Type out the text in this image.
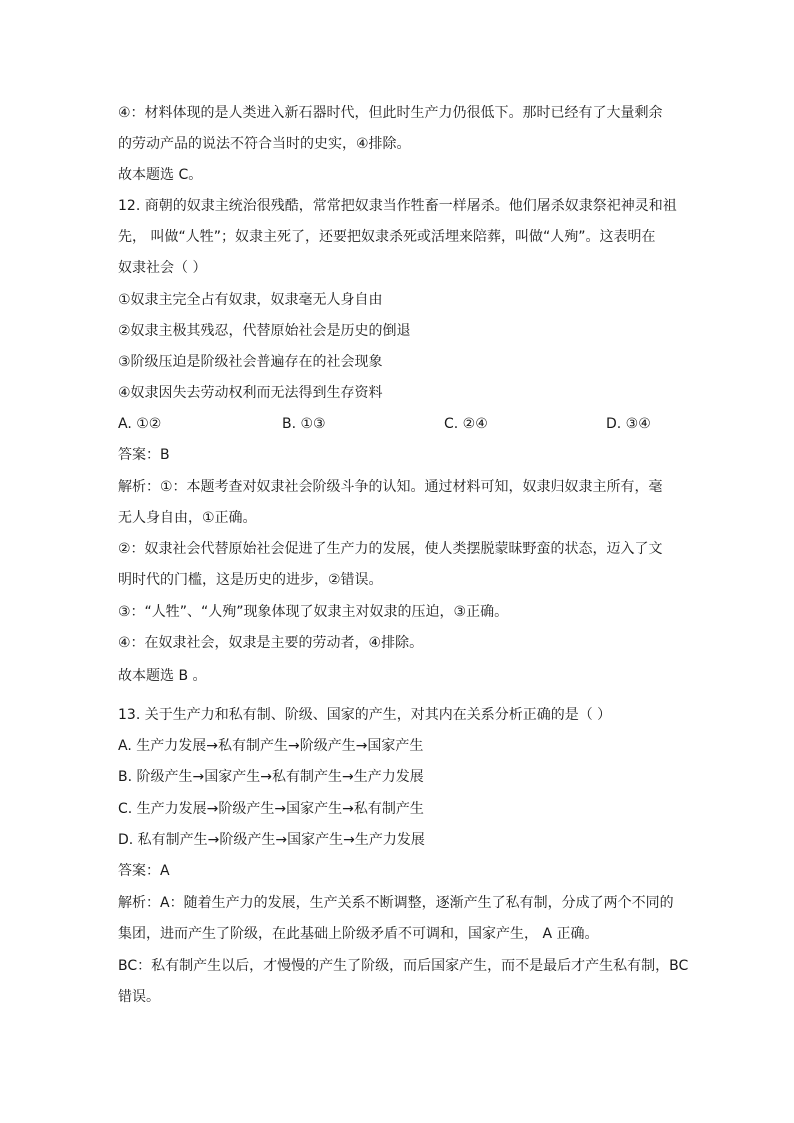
④：材料体现的是人类进入新石器时代，但此时生产力仍很低下。那时已经有了大量剩余
的劳动产品的说法不符合当时的史实，④排除。
故本题选 C。
12. 商朝的奴隶主统治很残酷，常常把奴隶当作牲畜一样屠杀。他们屠杀奴隶祭祀神灵和祖
先， 叫做“人牲”；奴隶主死了，还要把奴隶杀死或活埋来陪葬，叫做“人殉”。这表明在
奴隶社会（ ）
①奴隶主完全占有奴隶，奴隶毫无人身自由
②奴隶主极其残忍，代替原始社会是历史的倒退
③阶级压迫是阶级社会普遍存在的社会现象
④奴隶因失去劳动权利而无法得到生存资料
A. ①②	B. ①③	C. ②④	D. ③④
答案：B
解析：①：本题考查对奴隶社会阶级斗争的认知。通过材料可知，奴隶归奴隶主所有，毫
无人身自由，①正确。
②：奴隶社会代替原始社会促进了生产力的发展，使人类摆脱蒙昧野蛮的状态，迈入了文
明时代的门槛，这是历史的进步，②错误。
③：“人牲”、“人殉”现象体现了奴隶主对奴隶的压迫，③正确。
④：在奴隶社会，奴隶是主要的劳动者，④排除。
故本题选 B 。
13. 关于生产力和私有制、阶级、国家的产生，对其内在关系分析正确的是（ ）
A. 生产力发展→私有制产生→阶级产生→国家产生
B. 阶级产生→国家产生→私有制产生→生产力发展
C. 生产力发展→阶级产生→国家产生→私有制产生
D. 私有制产生→阶级产生→国家产生→生产力发展
答案：A
解析：A：随着生产力的发展，生产关系不断调整，逐渐产生了私有制，分成了两个不同的
集团，进而产生了阶级，在此基础上阶级矛盾不可调和，国家产生， A 正确。
BC：私有制产生以后，才慢慢的产生了阶级，而后国家产生，而不是最后才产生私有制，BC
错误。
